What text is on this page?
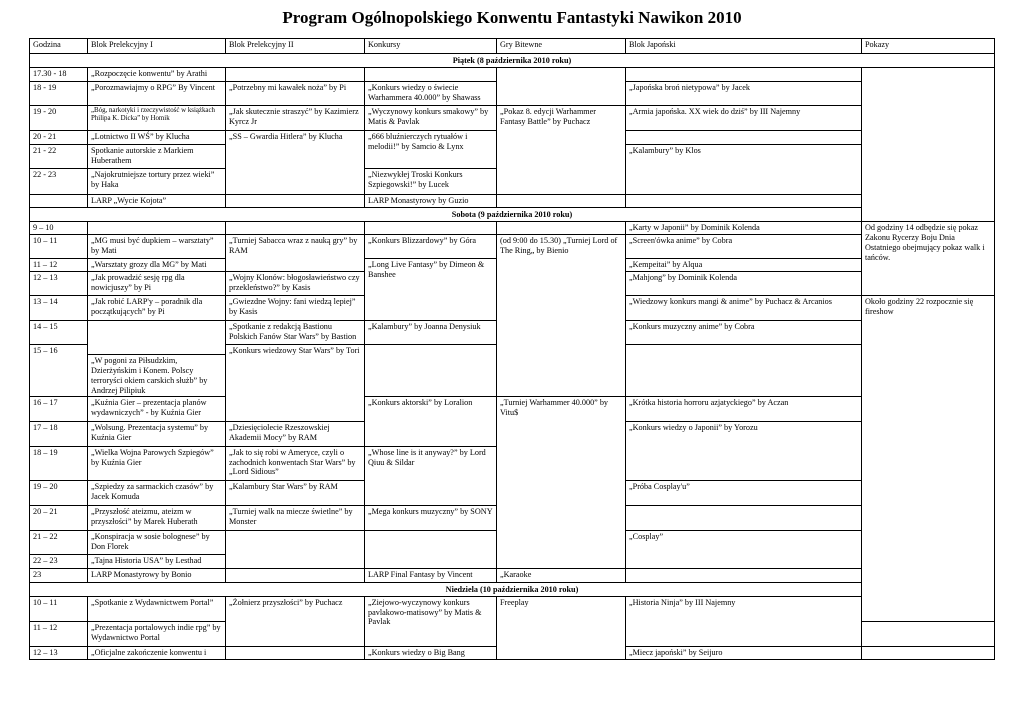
Program Ogólnopolskiego Konwentu Fantastyki Nawikon 2010
Godzina	Blok Prelekcyjny I	Blok Prelekcyjny II	Konkursy	Gry Bitewne	Blok Japoński	Pokazy	
Piątek (8 października 2010 roku)							
17.30 - 18	„Rozpoczęcie konwentu” by Arathi						
18 - 19	„Porozmawiajmy o RPG” By Vincent	„Potrzebny mi kawałek noża” by Pi	„Konkurs wiedzy o świecie Warhammera 40.000” by Shawass		„Japońska broń nietypowa” by Jacek		
19 - 20	„Bóg, narkotyki i rzeczywistość w książkach Philipa K. Dicka” by Homik	„Jak skutecznie straszyć” by Kazimierz Kyrcz Jr	„Wyczynowy konkurs smakowy” by Matis & Pavlak	„Pokaz 8. edycji Warhammer Fantasy Battle” by Puchacz	„Armia japońska. XX wiek do dziś” by III Najemny		
20 - 21	„Lotnictwo II WŚ” by Klucha	„SS – Gwardia Hitlera” by Klucha	„666 bluźnierczych rytuałów i melodii!” by Samcio & Lynx				
21 - 22	Spotkanie autorskie z Markiem Huberathem				„Kalambury” by Klos		
22 - 23	„Najokrutniejsze tortury przez wieki” by Haka		„Niezwykłej Troski Konkurs Szpiegowski!” by Lucek				
	LARP „Wycie Kojota”		LARP Monastyrowy by Guzio				
Sobota (9 października 2010 roku)							
9 – 10					„Karty w Japonii” by Dominik Kolenda	Od godziny 14 odbędzie się pokaz Zakonu Rycerzy Boju Dnia Ostatniego obejmujący pokaz walk i tańców.	
10 – 11	„MG musi być dupkiem – warsztaty” by Mati	„Turniej Sabacca wraz z nauką gry” by RAM	„Konkurs Blizzardowy” by Góra	(od 9:00 do 15.30) „Turniej Lord of The Ring„ by Bienio	„Screen'ówka anime” by Cobra		
11 – 12	„Warsztaty grozy dla MG” by Mati		„Long Live Fantasy” by Dimeon & Banshee		„Kempeitai” by Alqua		
12 – 13	„Jak prowadzić sesję rpg dla nowicjuszy” by Pi	„Wojny Klonów: błogosławieństwo czy przekleństwo?” by Kasis			„Mahjong” by Dominik Kolenda		
13 – 14	„Jak robić LARP'y – poradnik dla początkujących” by Pi	„Gwiezdne Wojny: fani wiedzą lepiej” by Kasis			„Wiedzowy konkurs mangi & anime” by Puchacz & Arcanios	Około godziny 22 rozpocznie się fireshow	
14 – 15		„Spotkanie z redakcją Bastionu Polskich Fanów Star Wars” by Bastion	„Kalambury” by Joanna Denysiuk		„Konkurs muzyczny anime” by Cobra		
15 – 16		„Konkurs wiedzowy Star Wars” by Tori					
	„W pogoni za Piłsudzkim, Dzierżyńskim i Konem. Polscy terroryści okiem carskich służb” by Andrzej Pilipiuk						
16 – 17	„Kuźnia Gier – prezentacja planów wydawniczych” - by Kuźnia Gier		„Konkurs aktorski” by Loralion	„Turniej Warhammer 40.000” by Vitu$	„Krótka historia horroru azjatyckiego” by Aczan		
17 – 18	„Wolsung. Prezentacja systemu” by Kuźnia Gier	„Dziesięciolecie Rzeszowskiej Akademii Mocy” by RAM			„Konkurs wiedzy o Japonii” by Yorozu		
18 – 19	„Wielka Wojna Parowych Szpiegów” by Kuźnia Gier	„Jak to się robi w Ameryce, czyli o zachodnich konwentach Star Wars” by „Lord Sidious”	„Whose line is it anyway?” by Lord Qiuu & Sildar				
19 – 20	„Szpiedzy za sarmackich czasów” by Jacek Komuda	„Kalambury Star Wars” by RAM			„Próba Cosplay'u”		
20 – 21	„Przyszłość ateizmu, ateizm w przyszłości” by Marek Huberath	„Turniej walk na miecze świetlne” by Monster	„Mega konkurs muzyczny” by SONY				
21 – 22	„Konspiracja w sosie bolognese” by Don Florek				„Cosplay”		
22 – 23	„Tajna Historia USA” by Lesthad						
23	LARP Monastyrowy by Bonio		LARP Final Fantasy by Vincent	„Karaoke			
Niedziela (10 października 2010 roku)							
10 – 11	„Spotkanie z Wydawnictwem Portal”	„Żołnierz przyszłości” by Puchacz	„Ziejowo-wyczynowy konkurs pavlakowo-matisowy” by Matis & Pavlak	Freeplay	„Historia Ninja” by III Najemny		
11 – 12	„Prezentacja portalowych indie rpg” by Wydawnictwo Portal						
12 – 13	„Oficjalne zakończenie konwentu i		„Konkurs wiedzy o Big Bang		„Miecz japoński” by Seijuro		
